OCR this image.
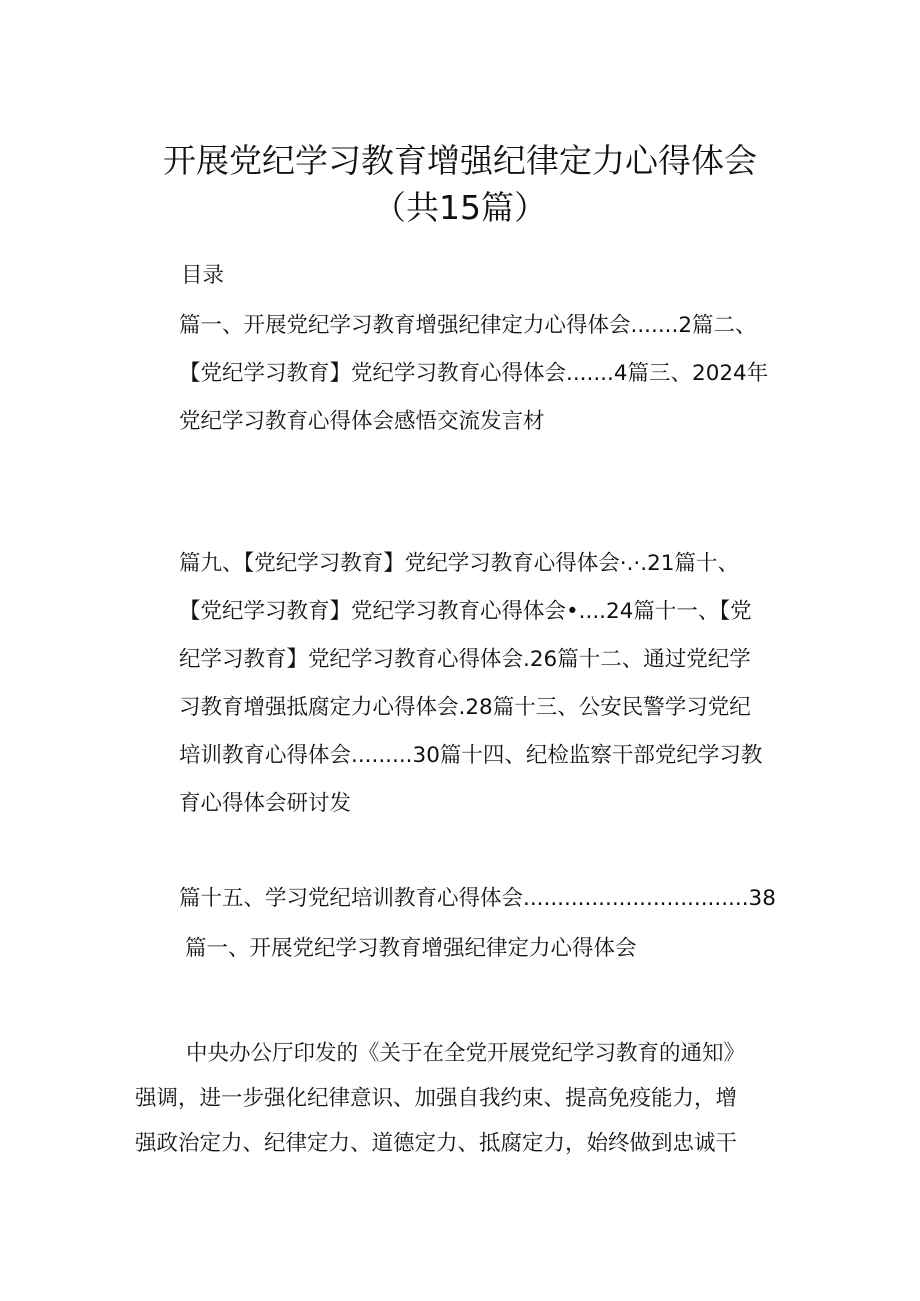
开展党纪学习教育增强纪律定力心得体会
（共15篇）
目录
篇一、开展党纪学习教育增强纪律定力心得体会.......2篇二、
【党纪学习教育】党纪学习教育心得体会.......4篇三、2024年
党纪学习教育心得体会感悟交流发言材
篇九、【党纪学习教育】党纪学习教育心得体会·.·.21篇十、
【党纪学习教育】党纪学习教育心得体会•....24篇十一、【党
纪学习教育】党纪学习教育心得体会.26篇十二、通过党纪学
习教育增强抵腐定力心得体会.28篇十三、公安民警学习党纪
培训教育心得体会.........30篇十四、纪检监察干部党纪学习教
育心得体会研讨发
篇十五、学习党纪培训教育心得体会.................................38
篇一、开展党纪学习教育增强纪律定力心得体会
中央办公厅印发的《关于在全党开展党纪学习教育的通知》
强调，进一步强化纪律意识、加强自我约束、提高免疫能力，增
强政治定力、纪律定力、道德定力、抵腐定力，始终做到忠诚干
